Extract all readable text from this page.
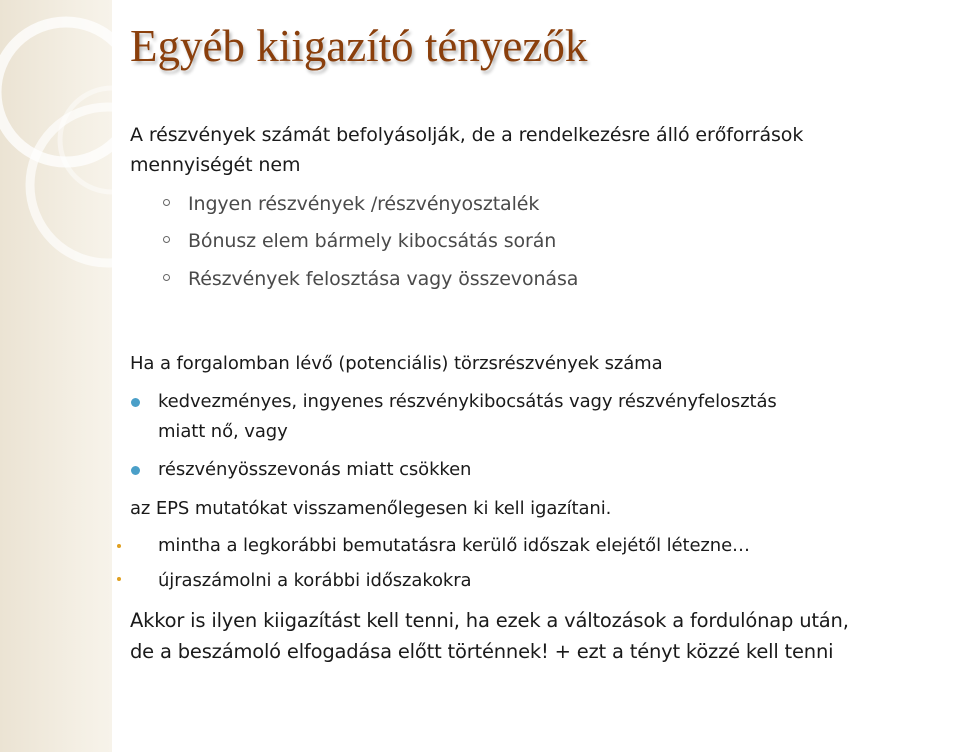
Egyéb kiigazító tényezők

A részvények számát befolyásolják, de a rendelkezésre álló erőforrások

mennyiségét nem

Ingyen részvények /részvényosztalék

Bónusz elem bármely kibocsátás során

Részvények felosztása vagy összevonása

Ha a forgalomban lévő (potenciális) törzsrészvények száma

kedvezményes, ingyenes részvénykibocsátás vagy részvényfelosztás

miatt nő, vagy

részvényösszevonás miatt csökken

az EPS mutatókat visszamenőlegesen ki kell igazítani.

mintha a legkorábbi bemutatásra kerülő időszak elejétől létezne…

újraszámolni a korábbi időszakokra

Akkor is ilyen kiigazítást kell tenni, ha ezek a változások a fordulónap után,

de a beszámoló elfogadása előtt történnek! + ezt a tényt közzé kell tenni
